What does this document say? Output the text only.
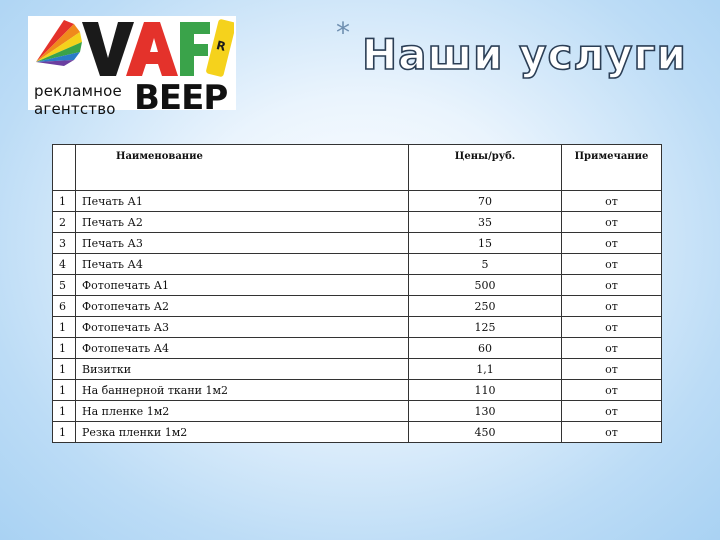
R
рекламное
агентство BEEP
* Наши услуги
	Наименование	Цены/руб.	Примечание
1	Печать А1	70	от
2	Печать А2	35	от
3	Печать А3	15	от
4	Печать А4	5	от
5	Фотопечать А1	500	от
6	Фотопечать А2	250	от
1	Фотопечать А3	125	от
1	Фотопечать А4	60	от
1	Визитки	1,1	от
1	На баннерной ткани 1м2	110	от
1	На пленке 1м2	130	от
1	Резка пленки 1м2	450	от
